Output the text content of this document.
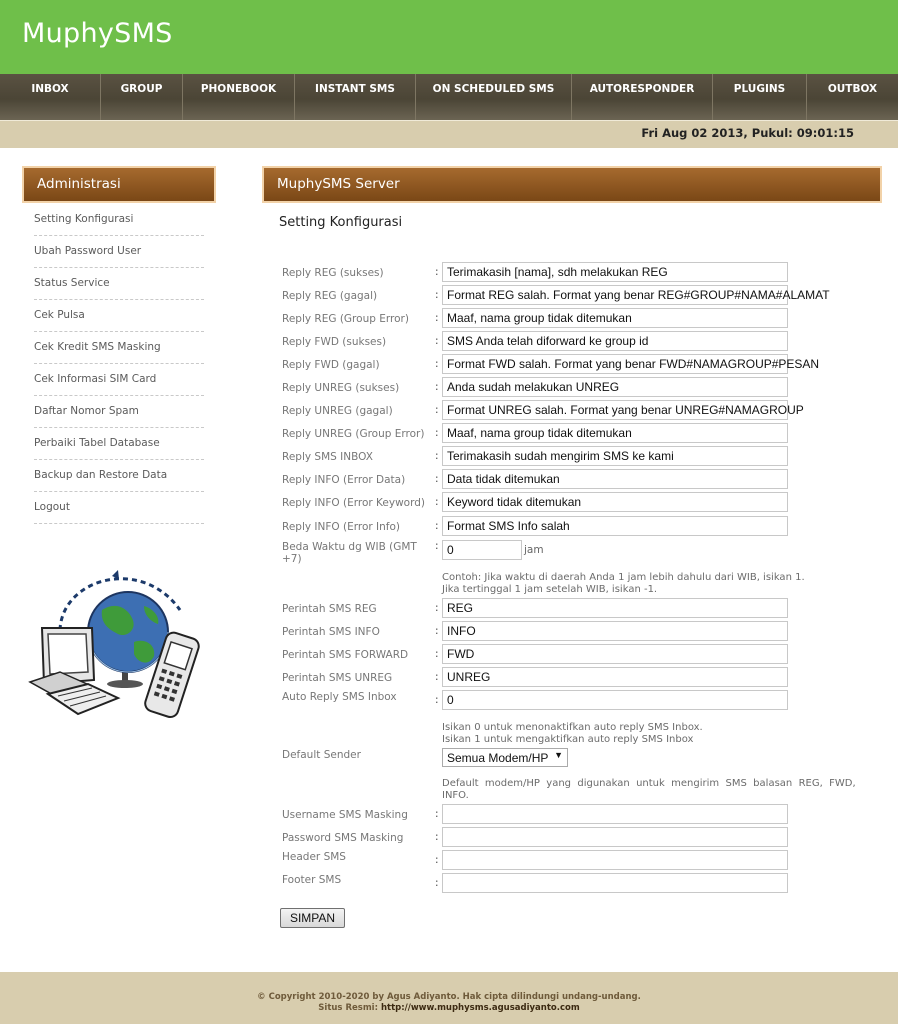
MuphySMS
INBOX	GROUP	PHONEBOOK	INSTANT SMS	ON SCHEDULED SMS	AUTORESPONDER	PLUGINS	OUTBOX
Fri Aug 02 2013, Pukul: 09:01:15
Administrasi
Setting Konfigurasi
Ubah Password User
Status Service
Cek Pulsa
Cek Kredit SMS Masking
Cek Informasi SIM Card
Daftar Nomor Spam
Perbaiki Tabel Database
Backup dan Restore Data
Logout
MuphySMS Server
Setting Konfigurasi
Reply REG (sukses)	: Terimakasih [nama], sdh melakukan REG
Reply REG (gagal)	: Format REG salah. Format yang benar REG#GROUP#NAMA#ALAMAT
Reply REG (Group Error) : Maaf, nama group tidak ditemukan
Reply FWD (sukses)	: SMS Anda telah diforward ke group id
Reply FWD (gagal)	: Format FWD salah. Format yang benar FWD#NAMAGROUP#PESAN
Reply UNREG (sukses)	: Anda sudah melakukan UNREG
Reply UNREG (gagal)	: Format UNREG salah. Format yang benar UNREG#NAMAGROUP
Reply UNREG (Group Error) : Maaf, nama group tidak ditemukan
Reply SMS INBOX	: Terimakasih sudah mengirim SMS ke kami
Reply INFO (Error Data)	: Data tidak ditemukan
Reply INFO (Error Keyword) : Keyword tidak ditemukan
Reply INFO (Error Info)	: Format SMS Info salah
Beda Waktu dg WIB (GMT
+7)
: 0	jam
Contoh: Jika waktu di daerah Anda 1 jam lebih dahulu dari WIB, isikan 1.
Jika tertinggal 1 jam setelah WIB, isikan -1.
Perintah SMS REG	: REG
Perintah SMS INFO	: INFO
Perintah SMS FORWARD	: FWD
Perintah SMS UNREG	: UNREG
Auto Reply SMS Inbox	: 0
Isikan 0 untuk menonaktifkan auto reply SMS Inbox.
Isikan 1 untuk mengaktifkan auto reply SMS Inbox
Default Sender	Semua Modem/HP ▼
Default  modem/HP  yang  digunakan  untuk  mengirim  SMS  balasan  REG,  FWD,
INFO.
Username SMS Masking	:
Password SMS Masking	:
Header SMS	:
Footer SMS	:
SIMPAN
© Copyright 2010-2020 by Agus Adiyanto. Hak cipta dilindungi undang-undang.
Situs Resmi: http://www.muphysms.agusadiyanto.com
